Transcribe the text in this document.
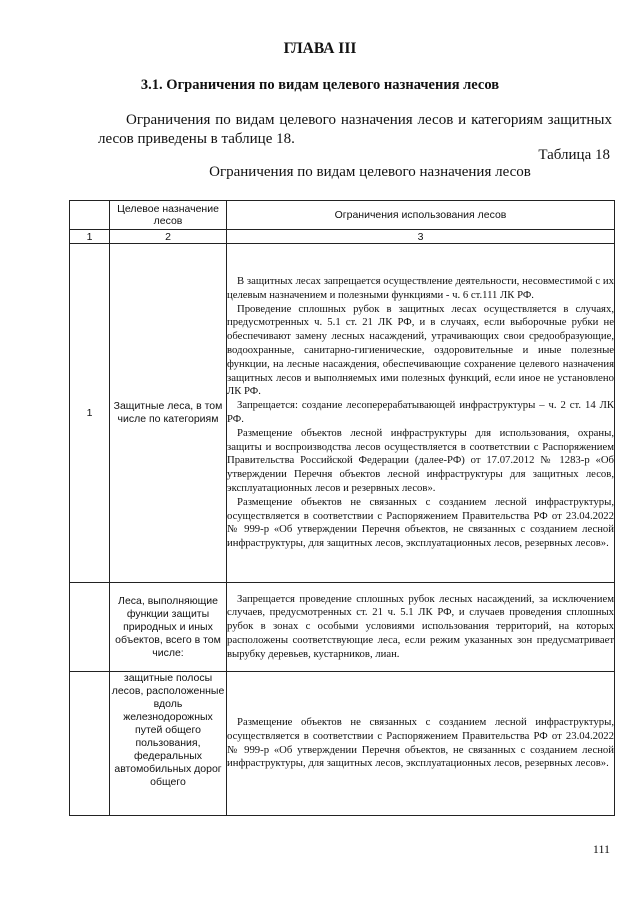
ГЛАВА III
3.1. Ограничения по видам целевого назначения лесов

Ограничения по видам целевого назначения лесов и категориям защитных лесов приведены в таблице 18.

Таблица 18
Ограничения по видам целевого назначения лесов
	Целевое назначение лесов	Ограничения использования лесов
1	2	3
1	Защитные леса, в том числе по категориям	В защитных лесах запрещается осуществление деятельности, несовместимой с их целевым назначением и полезными функциями - ч. 6 ст.111 ЛК РФ.

Проведение сплошных рубок в защитных лесах осуществляется в случаях, предусмотренных ч. 5.1 ст. 21 ЛК РФ, и в случаях, если выборочные рубки не обеспечивают замену лесных насаждений, утрачивающих свои средообразующие, водоохранные, санитарно-гигиенические, оздоровительные и иные полезные функции, на лесные насаждения, обеспечивающие сохранение целевого назначения защитных лесов и выполняемых ими полезных функций, если иное не установлено ЛК РФ.

Запрещается: создание лесоперерабатывающей инфраструктуры – ч. 2 ст. 14 ЛК РФ.

Размещение объектов лесной инфраструктуры для использования, охраны, защиты и воспроизводства лесов осуществляется в соответствии с Распоряжением Правительства Российской Федерации (далее-РФ) от 17.07.2012 № 1283-р «Об утверждении Перечня объектов лесной инфраструктуры для защитных лесов, эксплуатационных лесов и резервных лесов».

Размещение объектов не связанных с созданием лесной инфраструктуры, осуществляется в соответствии с Распоряжением Правительства РФ от 23.04.2022 № 999-р «Об утверждении Перечня объектов, не связанных с созданием лесной инфраструктуры, для защитных лесов, эксплуатационных лесов, резервных лесов».

	Леса, выполняющие функции защиты природных и иных объектов, всего в том числе:	Запрещается проведение сплошных рубок лесных насаждений, за исключением случаев, предусмотренных ст. 21 ч. 5.1 ЛК РФ, и случаев проведения сплошных рубок в зонах с особыми условиями использования территорий, на которых расположены соответствующие леса, если режим указанных зон предусматривает вырубку деревьев, кустарников, лиан.

	защитные полосы лесов, расположенные вдоль железнодорожных путей общего пользования, федеральных автомобильных дорог общего	Размещение объектов не связанных с созданием лесной инфраструктуры, осуществляется в соответствии с Распоряжением Правительства РФ от 23.04.2022 № 999-р «Об утверждении Перечня объектов, не связанных с созданием лесной инфраструктуры, для защитных лесов, эксплуатационных лесов, резервных лесов».

111
